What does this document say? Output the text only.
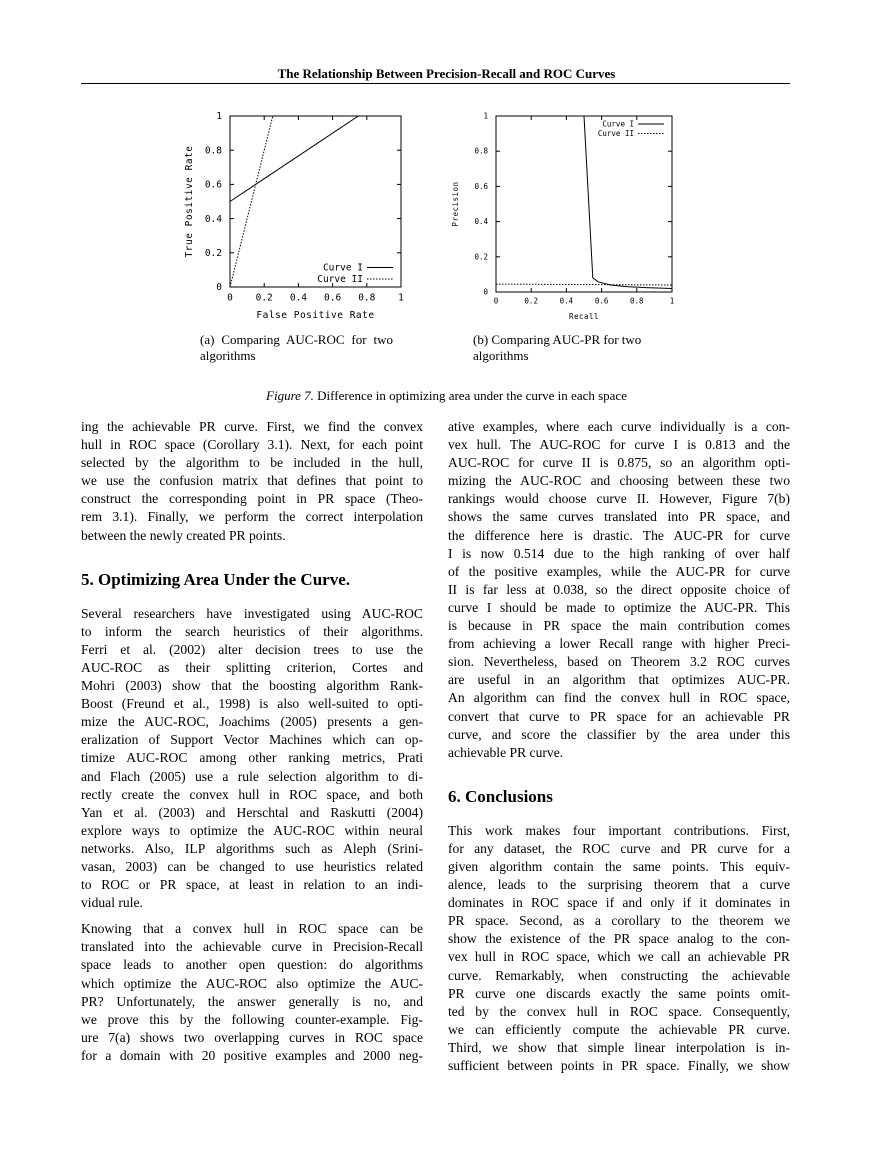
The Relationship Between Precision-Recall and ROC Curves
0 0.2 0.4 0.6 0.8 1
0
0.2
0.4
0.6
0.8
1
False Positive Rate
True Positive Rate
Curve I
Curve II
0	0.2	0.4	0.6	0.8	1
0
0.2
0.4
0.6
0.8
1
Recall
Precision
Curve I
Curve II
(a) Comparing AUC-ROC for two algorithms
(b) Comparing AUC-PR for two algorithms
Figure 7. Difference in optimizing area under the curve in each space
ing the achievable PR curve. First, we find the convex
hull in ROC space (Corollary 3.1). Next, for each point
selected by the algorithm to be included in the hull,
we use the confusion matrix that defines that point to
construct the corresponding point in PR space (Theo-
rem 3.1). Finally, we perform the correct interpolation
between the newly created PR points.
5. Optimizing Area Under the Curve.
Several researchers have investigated using AUC-ROC
to inform the search heuristics of their algorithms.
Ferri et al. (2002) alter decision trees to use the
AUC-ROC as their splitting criterion, Cortes and
Mohri (2003) show that the boosting algorithm Rank-
Boost (Freund et al., 1998) is also well-suited to opti-
mize the AUC-ROC, Joachims (2005) presents a gen-
eralization of Support Vector Machines which can op-
timize AUC-ROC among other ranking metrics, Prati
and Flach (2005) use a rule selection algorithm to di-
rectly create the convex hull in ROC space, and both
Yan et al. (2003) and Herschtal and Raskutti (2004)
explore ways to optimize the AUC-ROC within neural
networks. Also, ILP algorithms such as Aleph (Srini-
vasan, 2003) can be changed to use heuristics related
to ROC or PR space, at least in relation to an indi-
vidual rule.
Knowing that a convex hull in ROC space can be
translated into the achievable curve in Precision-Recall
space leads to another open question: do algorithms
which optimize the AUC-ROC also optimize the AUC-
PR? Unfortunately, the answer generally is no, and
we prove this by the following counter-example. Fig-
ure 7(a) shows two overlapping curves in ROC space
for a domain with 20 positive examples and 2000 neg-
ative examples, where each curve individually is a con-
vex hull. The AUC-ROC for curve I is 0.813 and the
AUC-ROC for curve II is 0.875, so an algorithm opti-
mizing the AUC-ROC and choosing between these two
rankings would choose curve II. However, Figure 7(b)
shows the same curves translated into PR space, and
the difference here is drastic. The AUC-PR for curve
I is now 0.514 due to the high ranking of over half
of the positive examples, while the AUC-PR for curve
II is far less at 0.038, so the direct opposite choice of
curve I should be made to optimize the AUC-PR. This
is because in PR space the main contribution comes
from achieving a lower Recall range with higher Preci-
sion. Nevertheless, based on Theorem 3.2 ROC curves
are useful in an algorithm that optimizes AUC-PR.
An algorithm can find the convex hull in ROC space,
convert that curve to PR space for an achievable PR
curve, and score the classifier by the area under this
achievable PR curve.
6. Conclusions
This work makes four important contributions. First,
for any dataset, the ROC curve and PR curve for a
given algorithm contain the same points. This equiv-
alence, leads to the surprising theorem that a curve
dominates in ROC space if and only if it dominates in
PR space. Second, as a corollary to the theorem we
show the existence of the PR space analog to the con-
vex hull in ROC space, which we call an achievable PR
curve. Remarkably, when constructing the achievable
PR curve one discards exactly the same points omit-
ted by the convex hull in ROC space. Consequently,
we can efficiently compute the achievable PR curve.
Third, we show that simple linear interpolation is in-
sufficient between points in PR space. Finally, we show
